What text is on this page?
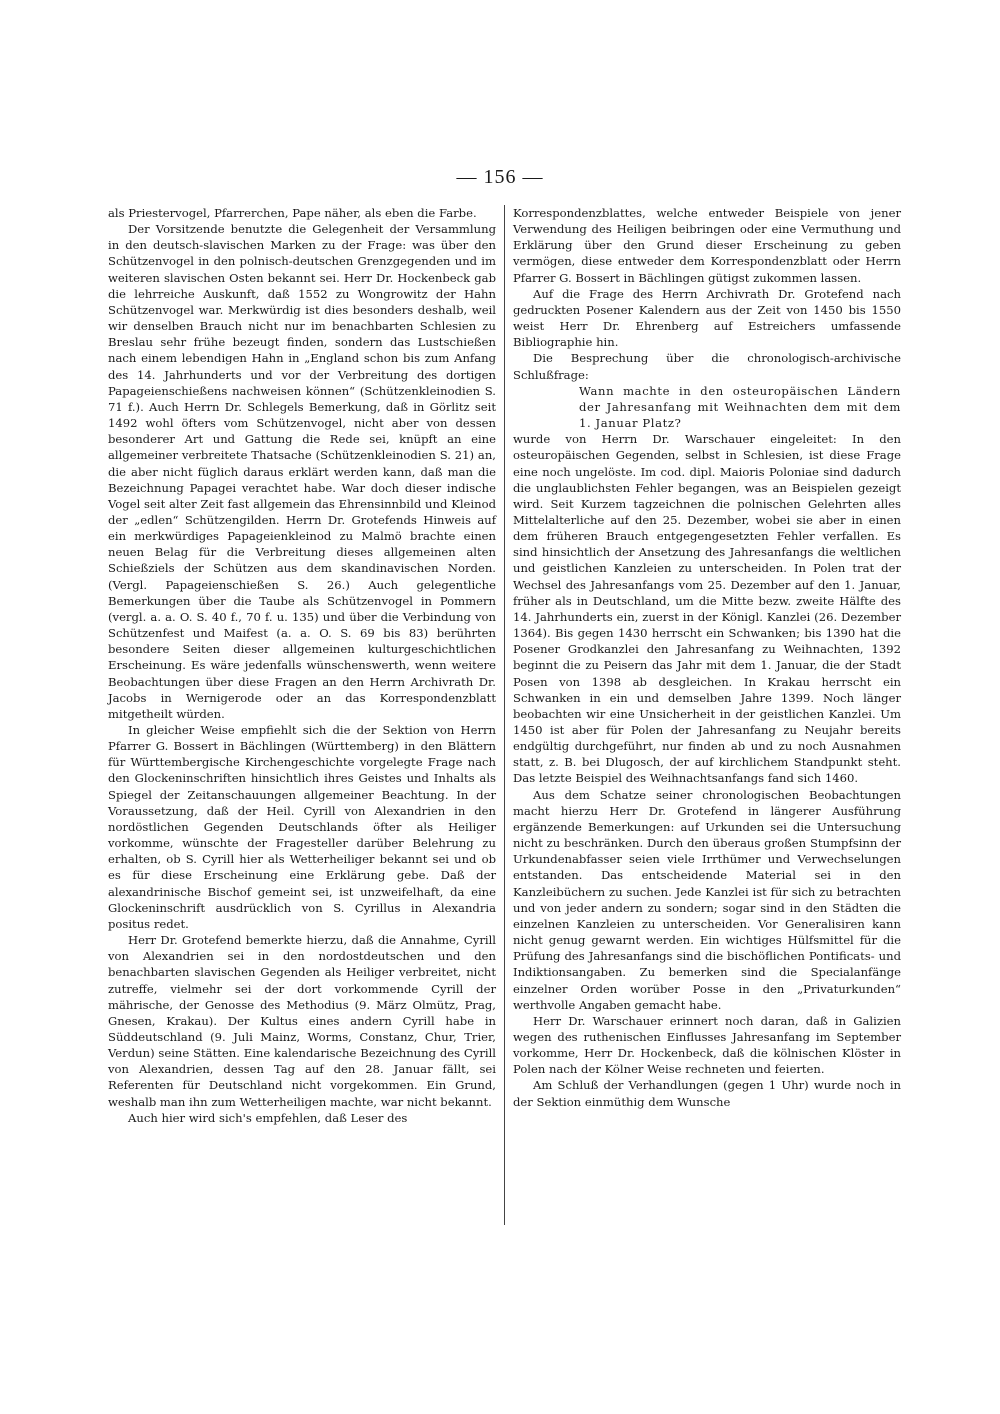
— 156 —

als Priestervogel, Pfarrerchen, Pape näher, als eben die Farbe.

Der Vorsitzende benutzte die Gelegenheit der Versammlung in den deutsch-slavischen Marken zu der Frage: was über den Schützenvogel in den polnisch-deutschen Grenzgegenden und im weiteren slavischen Osten bekannt sei. Herr Dr. Hockenbeck gab die lehrreiche Auskunft, daß 1552 zu Wongrowitz der Hahn Schützenvogel war. Merkwürdig ist dies besonders deshalb, weil wir denselben Brauch nicht nur im benachbarten Schlesien zu Breslau sehr frühe bezeugt finden, sondern das Lustschießen nach einem lebendigen Hahn in „England schon bis zum Anfang des 14. Jahrhunderts und vor der Verbreitung des dortigen Papageienschießens nachweisen können“ (Schützenkleinodien S. 71 f.). Auch Herrn Dr. Schlegels Bemerkung, daß in Görlitz seit 1492 wohl öfters vom Schützenvogel, nicht aber von dessen besonderer Art und Gattung die Rede sei, knüpft an eine allgemeiner verbreitete Thatsache (Schützenkleinodien S. 21) an, die aber nicht füglich daraus erklärt werden kann, daß man die Bezeichnung Papagei verachtet habe. War doch dieser indische Vogel seit alter Zeit fast allgemein das Ehrensinnbild und Kleinod der „edlen“ Schützengilden. Herrn Dr. Grotefends Hinweis auf ein merkwürdiges Papageienkleinod zu Malmö brachte einen neuen Belag für die Verbreitung dieses allgemeinen alten Schießziels der Schützen aus dem skandinavischen Norden. (Vergl. Papageienschießen S. 26.) Auch gelegentliche Bemerkungen über die Taube als Schützenvogel in Pommern (vergl. a. a. O. S. 40 f., 70 f. u. 135) und über die Verbindung von Schützenfest und Maifest (a. a. O. S. 69 bis 83) berührten besondere Seiten dieser allgemeinen kulturgeschichtlichen Erscheinung. Es wäre jedenfalls wünschenswerth, wenn weitere Beobachtungen über diese Fragen an den Herrn Archivrath Dr. Jacobs in Wernigerode oder an das Korrespondenzblatt mitgetheilt würden.

In gleicher Weise empfiehlt sich die der Sektion von Herrn Pfarrer G. Bossert in Bächlingen (Württemberg) in den Blättern für Württembergische Kirchengeschichte vorgelegte Frage nach den Glockeninschriften hinsichtlich ihres Geistes und Inhalts als Spiegel der Zeitanschauungen allgemeiner Beachtung. In der Voraussetzung, daß der Heil. Cyrill von Alexandrien in den nordöstlichen Gegenden Deutschlands öfter als Heiliger vorkomme, wünschte der Fragesteller darüber Belehrung zu erhalten, ob S. Cyrill hier als Wetterheiliger bekannt sei und ob es für diese Erscheinung eine Erklärung gebe. Daß der alexandrinische Bischof gemeint sei, ist unzweifelhaft, da eine Glockeninschrift ausdrücklich von S. Cyrillus in Alexandria positus redet.

Herr Dr. Grotefend bemerkte hierzu, daß die Annahme, Cyrill von Alexandrien sei in den nordostdeutschen und den benachbarten slavischen Gegenden als Heiliger verbreitet, nicht zutreffe, vielmehr sei der dort vorkommende Cyrill der mährische, der Genosse des Methodius (9. März Olmütz, Prag, Gnesen, Krakau). Der Kultus eines andern Cyrill habe in Süddeutschland (9. Juli Mainz, Worms, Constanz, Chur, Trier, Verdun) seine Stätten. Eine kalendarische Bezeichnung des Cyrill von Alexandrien, dessen Tag auf den 28. Januar fällt, sei Referenten für Deutschland nicht vorgekommen. Ein Grund, weshalb man ihn zum Wetterheiligen machte, war nicht bekannt.

Auch hier wird sich's empfehlen, daß Leser des

Korrespondenzblattes, welche entweder Beispiele von jener Verwendung des Heiligen beibringen oder eine Vermuthung und Erklärung über den Grund dieser Erscheinung zu geben vermögen, diese entweder dem Korrespondenzblatt oder Herrn Pfarrer G. Bossert in Bächlingen gütigst zukommen lassen.

Auf die Frage des Herrn Archivrath Dr. Grotefend nach gedruckten Posener Kalendern aus der Zeit von 1450 bis 1550 weist Herr Dr. Ehrenberg auf Estreichers umfassende Bibliographie hin.

Die Besprechung über die chronologisch-archivische Schlußfrage:

Wann machte in den osteuropäischen Ländern der Jahresanfang mit Weihnachten dem mit dem 1. Januar Platz?

wurde von Herrn Dr. Warschauer eingeleitet: In den osteuropäischen Gegenden, selbst in Schlesien, ist diese Frage eine noch ungelöste. Im cod. dipl. Maioris Poloniae sind dadurch die unglaublichsten Fehler begangen, was an Beispielen gezeigt wird. Seit Kurzem tagzeichnen die polnischen Gelehrten alles Mittelalterliche auf den 25. Dezember, wobei sie aber in einen dem früheren Brauch entgegengesetzten Fehler verfallen. Es sind hinsichtlich der Ansetzung des Jahresanfangs die weltlichen und geistlichen Kanzleien zu unterscheiden. In Polen trat der Wechsel des Jahresanfangs vom 25. Dezember auf den 1. Januar, früher als in Deutschland, um die Mitte bezw. zweite Hälfte des 14. Jahrhunderts ein, zuerst in der Königl. Kanzlei (26. Dezember 1364). Bis gegen 1430 herrscht ein Schwanken; bis 1390 hat die Posener Grodkanzlei den Jahresanfang zu Weihnachten, 1392 beginnt die zu Peisern das Jahr mit dem 1. Januar, die der Stadt Posen von 1398 ab desgleichen. In Krakau herrscht ein Schwanken in ein und demselben Jahre 1399. Noch länger beobachten wir eine Unsicherheit in der geistlichen Kanzlei. Um 1450 ist aber für Polen der Jahresanfang zu Neujahr bereits endgültig durchgeführt, nur finden ab und zu noch Ausnahmen statt, z. B. bei Dlugosch, der auf kirchlichem Standpunkt steht. Das letzte Beispiel des Weihnachtsanfangs fand sich 1460.

Aus dem Schatze seiner chronologischen Beobachtungen macht hierzu Herr Dr. Grotefend in längerer Ausführung ergänzende Bemerkungen: auf Urkunden sei die Untersuchung nicht zu beschränken. Durch den überaus großen Stumpfsinn der Urkundenabfasser seien viele Irrthümer und Verwechselungen entstanden. Das entscheidende Material sei in den Kanzleibüchern zu suchen. Jede Kanzlei ist für sich zu betrachten und von jeder andern zu sondern; sogar sind in den Städten die einzelnen Kanzleien zu unterscheiden. Vor Generalisiren kann nicht genug gewarnt werden. Ein wichtiges Hülfsmittel für die Prüfung des Jahresanfangs sind die bischöflichen Pontificats- und Indiktionsangaben. Zu bemerken sind die Specialanfänge einzelner Orden worüber Posse in den „Privaturkunden“ werthvolle Angaben gemacht habe.

Herr Dr. Warschauer erinnert noch daran, daß in Galizien wegen des ruthenischen Einflusses Jahresanfang im September vorkomme, Herr Dr. Hockenbeck, daß die kölnischen Klöster in Polen nach der Kölner Weise rechneten und feierten.

Am Schluß der Verhandlungen (gegen 1 Uhr) wurde noch in der Sektion einmüthig dem Wunsche
